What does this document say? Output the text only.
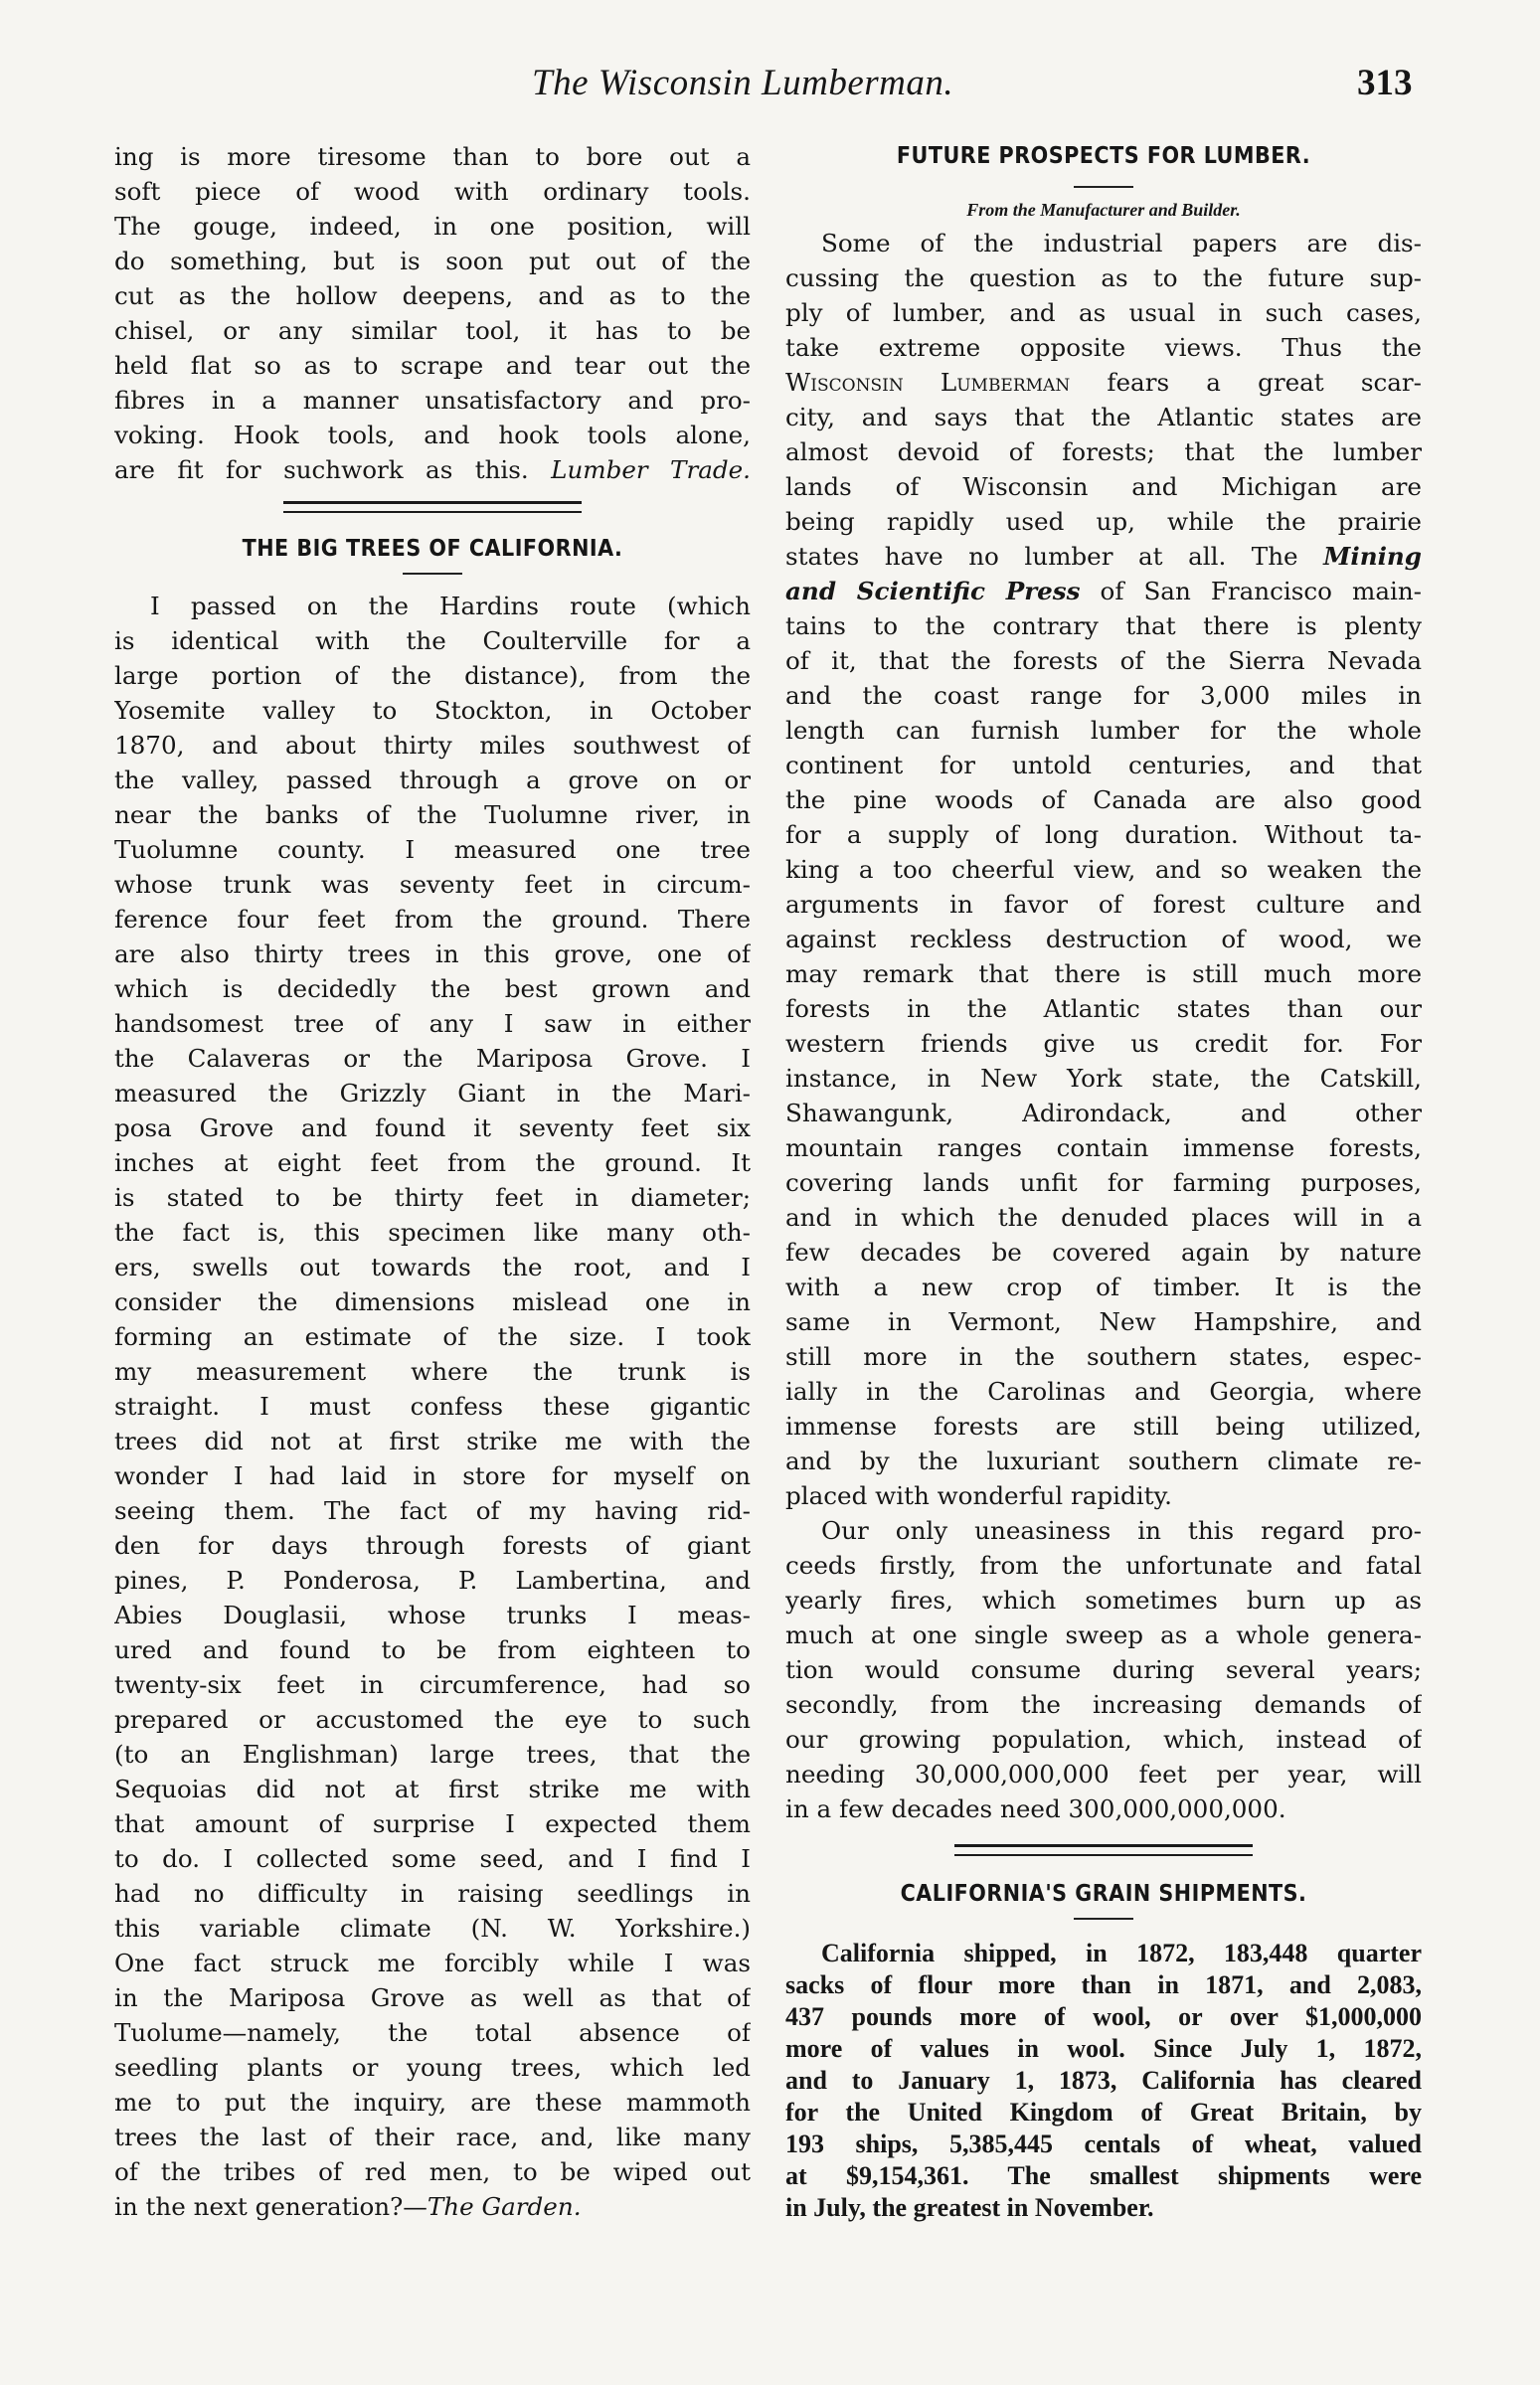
The Wisconsin Lumberman.	313
ing is more tiresome than to bore out a
soft piece of wood with ordinary tools.
The gouge, indeed, in one position, will
do something, but is soon put out of the
cut as the hollow deepens, and as to the
chisel, or any similar tool, it has to be
held flat so as to scrape and tear out the
fibres in a manner unsatisfactory and pro-
voking. Hook tools, and hook tools alone,
are fit for suchwork as this. Lumber Trade.
THE BIG TREES OF CALIFORNIA.
I passed on the Hardins route (which
is identical with the Coulterville for a
large portion of the distance), from the
Yosemite valley to Stockton, in October
1870, and about thirty miles southwest of
the valley, passed through a grove on or
near the banks of the Tuolumne river, in
Tuolumne county. I measured one tree
whose trunk was seventy feet in circum-
ference four feet from the ground. There
are also thirty trees in this grove, one of
which is decidedly the best grown and
handsomest tree of any I saw in either
the Calaveras or the Mariposa Grove. I
measured the Grizzly Giant in the Mari-
posa Grove and found it seventy feet six
inches at eight feet from the ground. It
is stated to be thirty feet in diameter;
the fact is, this specimen like many oth-
ers, swells out towards the root, and I
consider the dimensions mislead one in
forming an estimate of the size. I took
my measurement where the trunk is
straight. I must confess these gigantic
trees did not at first strike me with the
wonder I had laid in store for myself on
seeing them. The fact of my having rid-
den for days through forests of giant
pines, P. Ponderosa, P. Lambertina, and
Abies Douglasii, whose trunks I meas-
ured and found to be from eighteen to
twenty-six feet in circumference, had so
prepared or accustomed the eye to such
(to an Englishman) large trees, that the
Sequoias did not at first strike me with
that amount of surprise I expected them
to do. I collected some seed, and I find I
had no difficulty in raising seedlings in
this variable climate (N. W. Yorkshire.)
One fact struck me forcibly while I was
in the Mariposa Grove as well as that of
Tuolume—namely, the total absence of
seedling plants or young trees, which led
me to put the inquiry, are these mammoth
trees the last of their race, and, like many
of the tribes of red men, to be wiped out
in the next generation?—The Garden.
FUTURE PROSPECTS FOR LUMBER.
From the Manufacturer and Builder.
Some of the industrial papers are dis-
cussing the question as to the future sup-
ply of lumber, and as usual in such cases,
take extreme opposite views. Thus the
Wisconsin Lumberman fears a great scar-
city, and says that the Atlantic states are
almost devoid of forests; that the lumber
lands of Wisconsin and Michigan are
being rapidly used up, while the prairie
states have no lumber at all. The Mining
and Scientific Press of San Francisco main-
tains to the contrary that there is plenty
of it, that the forests of the Sierra Nevada
and the coast range for 3,000 miles in
length can furnish lumber for the whole
continent for untold centuries, and that
the pine woods of Canada are also good
for a supply of long duration. Without ta-
king a too cheerful view, and so weaken the
arguments in favor of forest culture and
against reckless destruction of wood, we
may remark that there is still much more
forests in the Atlantic states than our
western friends give us credit for. For
instance, in New York state, the Catskill,
Shawangunk, Adirondack, and other
mountain ranges contain immense forests,
covering lands unfit for farming purposes,
and in which the denuded places will in a
few decades be covered again by nature
with a new crop of timber. It is the
same in Vermont, New Hampshire, and
still more in the southern states, espec-
ially in the Carolinas and Georgia, where
immense forests are still being utilized,
and by the luxuriant southern climate re-
placed with wonderful rapidity.
Our only uneasiness in this regard pro-
ceeds firstly, from the unfortunate and fatal
yearly fires, which sometimes burn up as
much at one single sweep as a whole genera-
tion would consume during several years;
secondly, from the increasing demands of
our growing population, which, instead of
needing 30,000,000,000 feet per year, will
in a few decades need 300,000,000,000.
CALIFORNIA'S GRAIN SHIPMENTS.
California shipped, in 1872, 183,448 quarter
sacks of flour more than in 1871, and 2,083,
437 pounds more of wool, or over $1,000,000
more of values in wool. Since July 1, 1872,
and to January 1, 1873, California has cleared
for the United Kingdom of Great Britain, by
193 ships, 5,385,445 centals of wheat, valued
at $9,154,361. The smallest shipments were
in July, the greatest in November.
